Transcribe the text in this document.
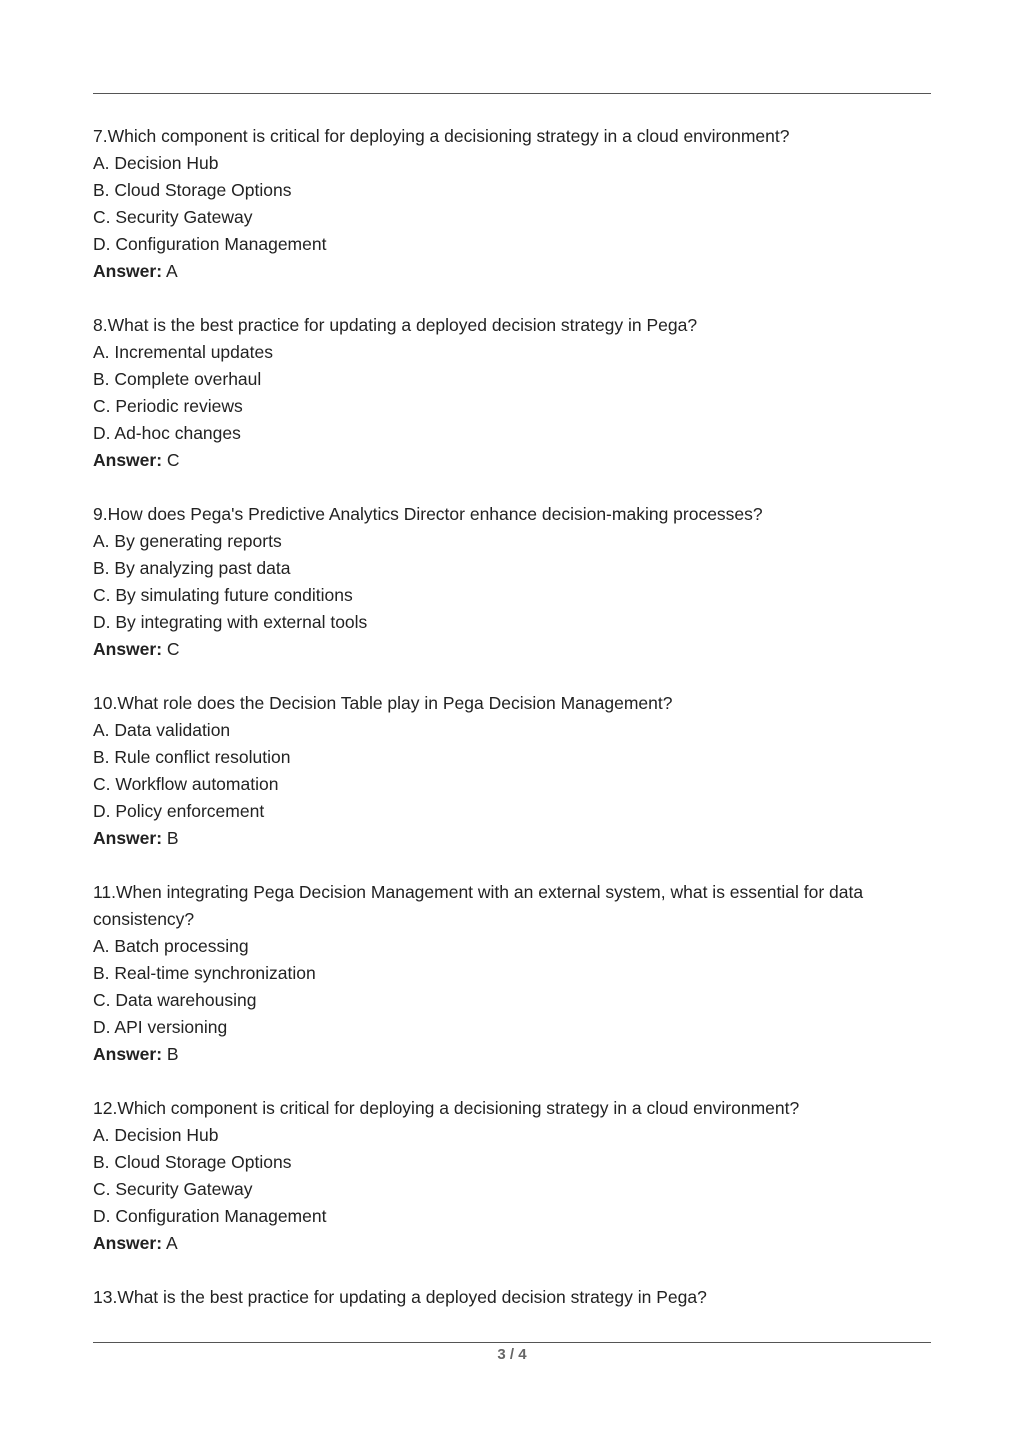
7.Which component is critical for deploying a decisioning strategy in a cloud environment?
A. Decision Hub
B. Cloud Storage Options
C. Security Gateway
D. Configuration Management
Answer: A
8.What is the best practice for updating a deployed decision strategy in Pega?
A. Incremental updates
B. Complete overhaul
C. Periodic reviews
D. Ad-hoc changes
Answer: C
9.How does Pega's Predictive Analytics Director enhance decision-making processes?
A. By generating reports
B. By analyzing past data
C. By simulating future conditions
D. By integrating with external tools
Answer: C
10.What role does the Decision Table play in Pega Decision Management?
A. Data validation
B. Rule conflict resolution
C. Workflow automation
D. Policy enforcement
Answer: B
11.When integrating Pega Decision Management with an external system, what is essential for data consistency?
A. Batch processing
B. Real-time synchronization
C. Data warehousing
D. API versioning
Answer: B
12.Which component is critical for deploying a decisioning strategy in a cloud environment?
A. Decision Hub
B. Cloud Storage Options
C. Security Gateway
D. Configuration Management
Answer: A
13.What is the best practice for updating a deployed decision strategy in Pega?
3 / 4
